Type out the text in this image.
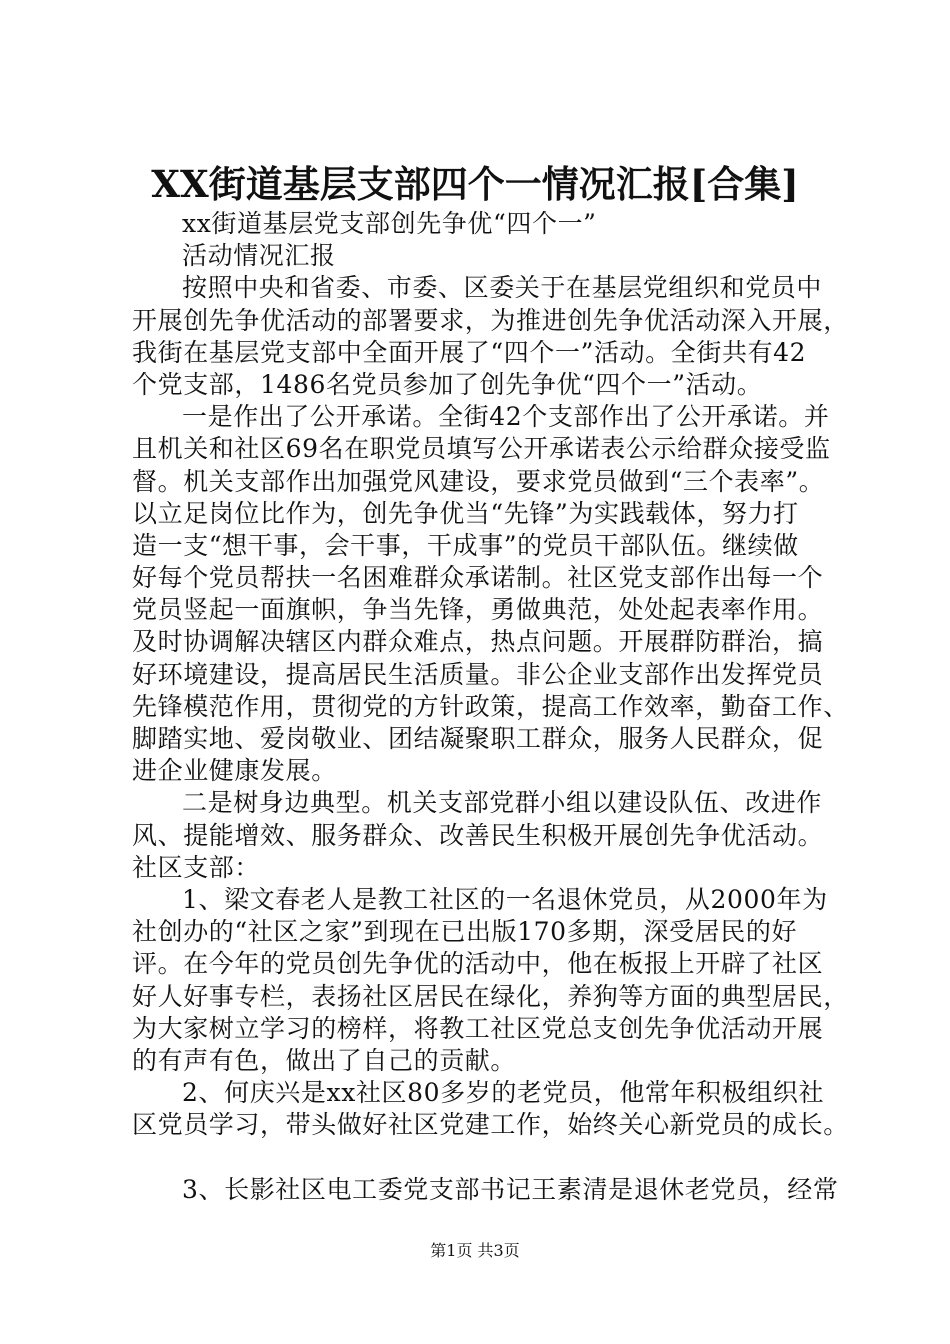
XX街道基层支部四个一情况汇报[合集]
xx街道基层党支部创先争优“四个一”
活动情况汇报
按照中央和省委、市委、区委关于在基层党组织和党员中
开展创先争优活动的部署要求，为推进创先争优活动深入开展，
我街在基层党支部中全面开展了“四个一”活动。全街共有42
个党支部，1486名党员参加了创先争优“四个一”活动。
一是作出了公开承诺。全街42个支部作出了公开承诺。并
且机关和社区69名在职党员填写公开承诺表公示给群众接受监
督。机关支部作出加强党风建设，要求党员做到“三个表率”。
以立足岗位比作为，创先争优当“先锋”为实践载体，努力打
造一支“想干事，会干事，干成事”的党员干部队伍。继续做
好每个党员帮扶一名困难群众承诺制。社区党支部作出每一个
党员竖起一面旗帜，争当先锋，勇做典范，处处起表率作用。
及时协调解决辖区内群众难点，热点问题。开展群防群治，搞
好环境建设，提高居民生活质量。非公企业支部作出发挥党员
先锋模范作用，贯彻党的方针政策，提高工作效率，勤奋工作、
脚踏实地、爱岗敬业、团结凝聚职工群众，服务人民群众，促
进企业健康发展。
二是树身边典型。机关支部党群小组以建设队伍、改进作
风、提能增效、服务群众、改善民生积极开展创先争优活动。
社区支部：
1、梁文春老人是教工社区的一名退休党员，从2000年为
社创办的“社区之家”到现在已出版170多期，深受居民的好
评。在今年的党员创先争优的活动中，他在板报上开辟了社区
好人好事专栏，表扬社区居民在绿化，养狗等方面的典型居民，
为大家树立学习的榜样，将教工社区党总支创先争优活动开展
的有声有色，做出了自己的贡献。
2、何庆兴是xx社区80多岁的老党员，他常年积极组织社
区党员学习，带头做好社区党建工作，始终关心新党员的成长。
3、长影社区电工委党支部书记王素清是退休老党员，经常
第1页 共3页
